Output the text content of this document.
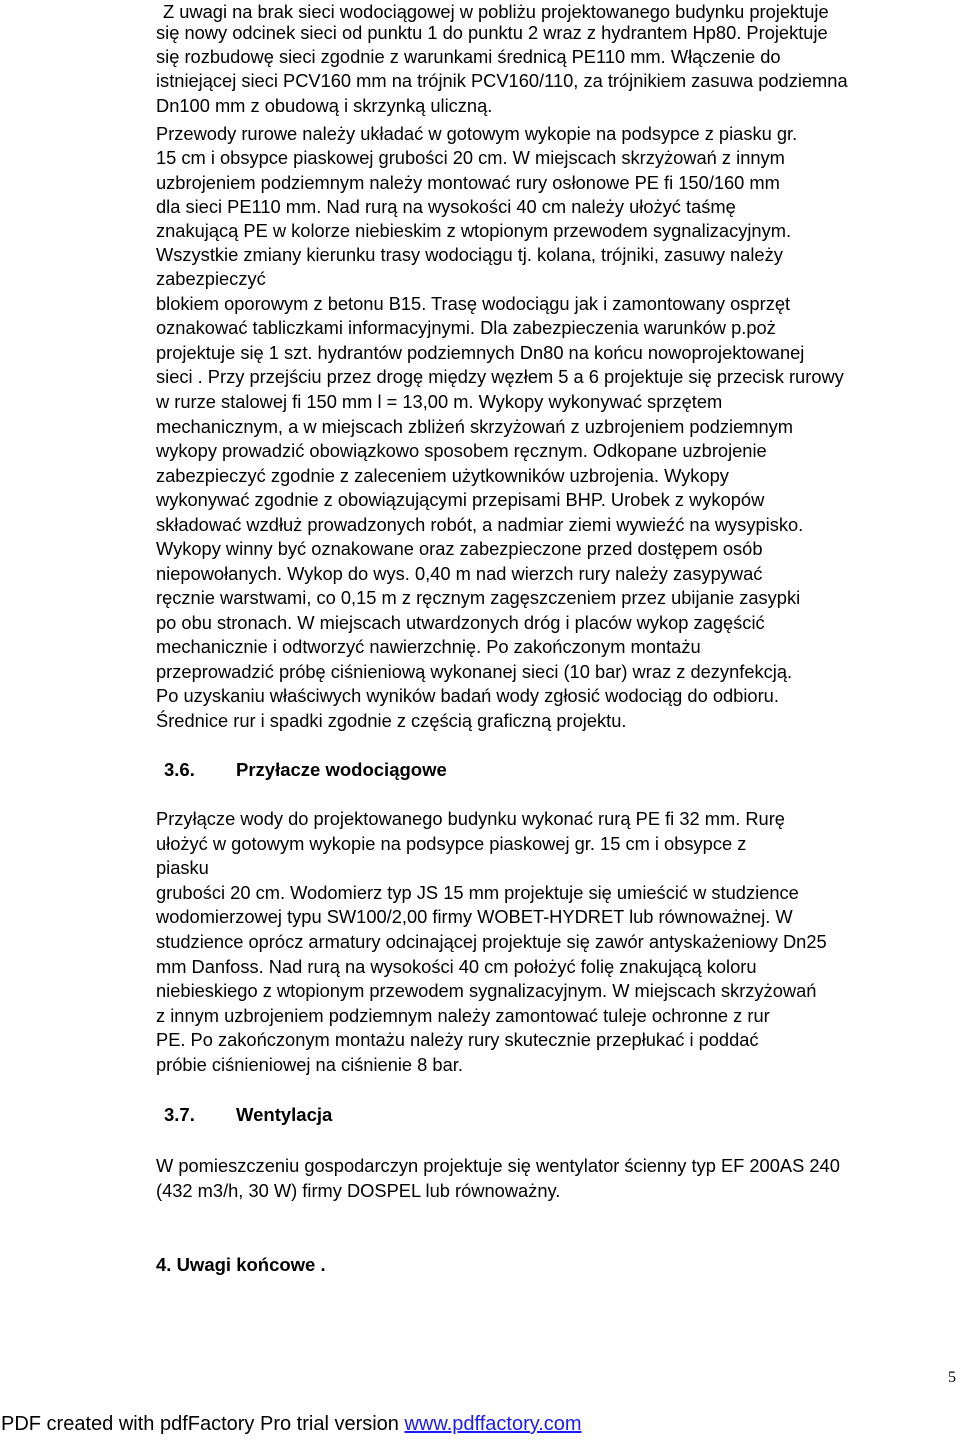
Z uwagi na brak sieci wodociągowej w pobliżu projektowanego budynku projektuje
się nowy odcinek sieci od punktu 1 do punktu 2 wraz z hydrantem Hp80. Projektuje
się rozbudowę sieci zgodnie z warunkami średnicą PE110 mm. Włączenie do
istniejącej sieci PCV160 mm na trójnik PCV160/110, za trójnikiem zasuwa podziemna
Dn100 mm z obudową i skrzynką uliczną.
Przewody rurowe należy układać w gotowym wykopie na podsypce z piasku gr.
15 cm i obsypce piaskowej grubości 20 cm. W miejscach skrzyżowań z innym
uzbrojeniem podziemnym należy montować rury osłonowe PE fi 150/160 mm
dla sieci PE110 mm. Nad rurą na wysokości 40 cm należy ułożyć taśmę
znakującą PE w kolorze niebieskim z wtopionym przewodem sygnalizacyjnym.
Wszystkie zmiany kierunku trasy wodociągu tj. kolana, trójniki, zasuwy należy
zabezpieczyć
blokiem oporowym z betonu B15. Trasę wodociągu jak i zamontowany osprzęt
oznakować tabliczkami informacyjnymi. Dla zabezpieczenia warunków p.poż
projektuje się 1 szt. hydrantów podziemnych Dn80 na końcu nowoprojektowanej
sieci . Przy przejściu przez drogę między węzłem 5 a 6 projektuje się przecisk rurowy
w rurze stalowej fi 150 mm l = 13,00 m. Wykopy wykonywać sprzętem
mechanicznym, a w miejscach zbliżeń skrzyżowań z uzbrojeniem podziemnym
wykopy prowadzić obowiązkowo sposobem ręcznym. Odkopane uzbrojenie
zabezpieczyć zgodnie z zaleceniem użytkowników uzbrojenia. Wykopy
wykonywać zgodnie z obowiązującymi przepisami BHP. Urobek z wykopów
składować wzdłuż prowadzonych robót, a nadmiar ziemi wywieźć na wysypisko.
Wykopy winny być oznakowane oraz zabezpieczone przed dostępem osób
niepowołanych. Wykop do wys. 0,40 m nad wierzch rury należy zasypywać
ręcznie warstwami, co 0,15 m z ręcznym zagęszczeniem przez ubijanie zasypki
po obu stronach. W miejscach utwardzonych dróg i placów wykop zagęścić
mechanicznie i odtworzyć nawierzchnię. Po zakończonym montażu
przeprowadzić próbę ciśnieniową wykonanej sieci (10 bar) wraz z dezynfekcją.
Po uzyskaniu właściwych wyników badań wody zgłosić wodociąg do odbioru.
Średnice rur i spadki zgodnie z częścią graficzną projektu.
3.6. Przyłacze wodociągowe
Przyłącze wody do projektowanego budynku wykonać rurą PE fi 32 mm. Rurę
ułożyć w gotowym wykopie na podsypce piaskowej gr. 15 cm i obsypce z
piasku
grubości 20 cm. Wodomierz typ JS 15 mm projektuje się umieścić w studzience
wodomierzowej typu SW100/2,00 firmy WOBET-HYDRET lub równoważnej. W
studzience oprócz armatury odcinającej projektuje się zawór antyskażeniowy Dn25
mm Danfoss. Nad rurą na wysokości 40 cm położyć folię znakującą koloru
niebieskiego z wtopionym przewodem sygnalizacyjnym. W miejscach skrzyżowań
z innym uzbrojeniem podziemnym należy zamontować tuleje ochronne z rur
PE. Po zakończonym montażu należy rury skutecznie przepłukać i poddać
próbie ciśnieniowej na ciśnienie 8 bar.
3.7. Wentylacja
W pomieszczeniu gospodarczyn projektuje się wentylator ścienny typ EF 200AS 240
(432 m3/h, 30 W) firmy DOSPEL lub równoważny.
4. Uwagi końcowe .
5
PDF created with pdfFactory Pro trial version www.pdffactory.com
